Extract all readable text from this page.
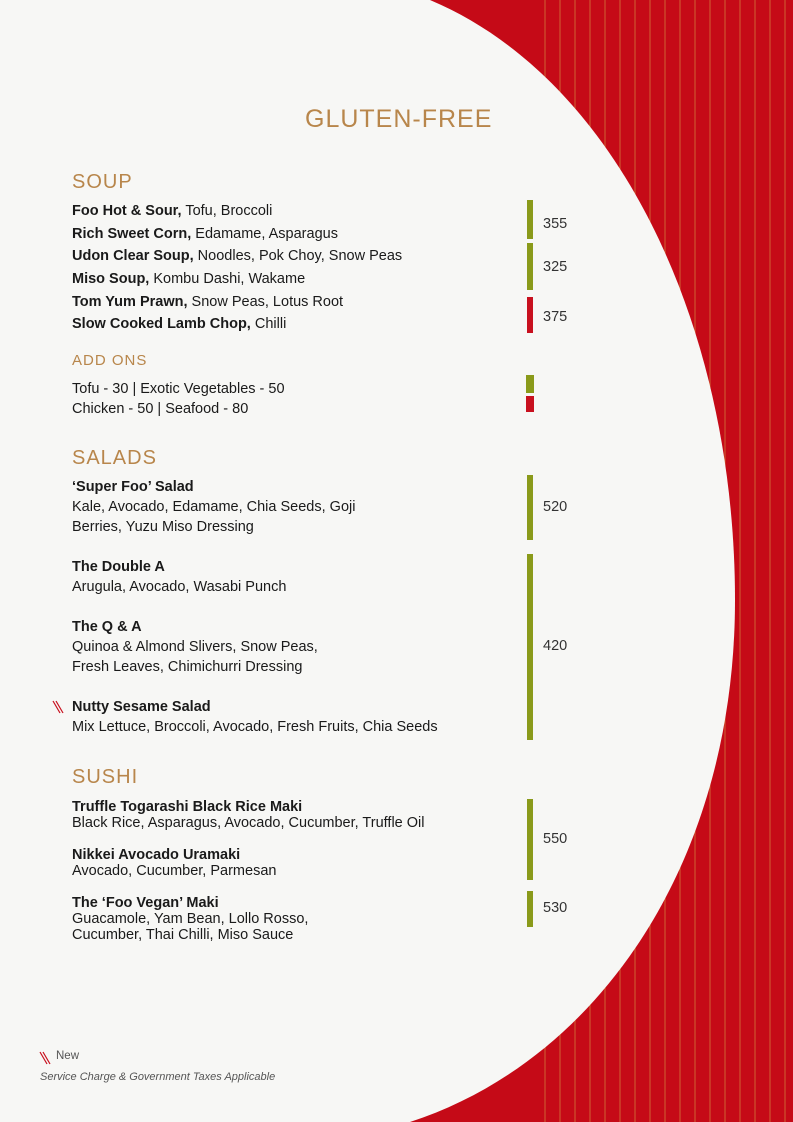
GLUTEN-FREE
SOUP
Foo Hot & Sour, Tofu, Broccoli
Rich Sweet Corn, Edamame, Asparagus
Udon Clear Soup, Noodles, Pok Choy, Snow Peas
Miso Soup, Kombu Dashi, Wakame
Tom Yum Prawn, Snow Peas, Lotus Root
Slow Cooked Lamb Chop, Chilli
355
325
375
ADD ONS
Tofu - 30 | Exotic Vegetables - 50
Chicken - 50 | Seafood - 80
SALADS
‘Super Foo’ Salad
Kale, Avocado, Edamame, Chia Seeds, Goji
Berries, Yuzu Miso Dressing
The Double A
Arugula, Avocado, Wasabi Punch
The Q & A
Quinoa & Almond Slivers, Snow Peas,
Fresh Leaves, Chimichurri Dressing
Nutty Sesame Salad
Mix Lettuce, Broccoli, Avocado, Fresh Fruits, Chia Seeds
520
420
SUSHI
Truffle Togarashi Black Rice Maki
Black Rice, Asparagus, Avocado, Cucumber, Truffle Oil
Nikkei Avocado Uramaki
Avocado, Cucumber, Parmesan
The ‘Foo Vegan’ Maki
Guacamole, Yam Bean, Lollo Rosso,
Cucumber, Thai Chilli, Miso Sauce
550
530
New
Service Charge & Government Taxes Applicable
